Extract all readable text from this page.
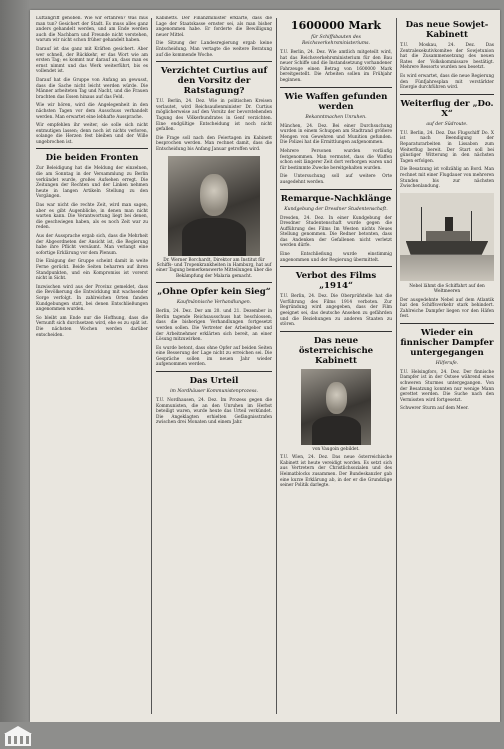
Luftangriff gehoben. Wie wir erfahren? Was mus man tun? Gesichert der Stadt. Es muss alles ganz anders gehandelt werden, und am Ende werden auch die Nachbarn und Freunde nicht verstehen, warum wir nicht schon früher gehandelt haben.

Darauf ist das ganz mit Kräften gesichert. Aber wer schnell, der Rückkehr, er das Wort wie am ersten Tag; es kommt nur darauf an, dass man es ernst nimmt und das Werk weiterführt, bis es vollendet ist.

Darauf hat die Gruppe von Anfang an gewusst, dass die Sache nicht leicht werden würde. Die Männer arbeiteten Tag und Nacht, und die Frauen brachten das Essen hinaus auf das Feld.

Wie wir hören, wird die Angelegenheit in den nächsten Tagen vor dem Ausschuss verhandelt werden. Man erwartet eine lebhafte Aussprache.

Wir empfehlen ihr weiter, sie solle sich nicht entmutigen lassen; denn noch ist nichts verloren, solange die Herzen fest bleiben und der Wille ungebrochen ist.

Die beiden Fronten

Zur Beleidigung hat die Meldung der einzelnen, die am Sonntag in der Versammlung zu Berlin verkündet wurde, großes Aufsehen erregt. Die Zeitungen der Rechten und der Linken nehmen heute in langen Artikeln Stellung zu den Vorgängen.

Das war nicht die rechte Zeit, wird man sagen, aber es gibt Augenblicke, in denen man nicht warten kann. Die Verantwortung liegt bei denen, die geschwiegen haben, als es noch Zeit war zu reden.

Aus der Aussprache ergab sich, dass die Mehrheit der Abgeordneten der Ansicht ist, die Regierung habe ihre Pflicht versäumt. Man verlangt eine sofortige Erklärung vor dem Plenum.

Die Einigung der Gruppe scheint damit in weite Ferne gerückt. Beide Seiten beharren auf ihren Standpunkten, und ein Kompromiss ist vorerst nicht in Sicht.

Inzwischen wird aus der Provinz gemeldet, dass die Bevölkerung die Entwicklung mit wachsender Sorge verfolgt. In zahlreichen Orten fanden Kundgebungen statt, bei denen Entschließungen angenommen wurden.

So bleibt am Ende nur die Hoffnung, dass die Vernunft sich durchsetzen wird, ehe es zu spät ist. Die nächsten Wochen werden darüber entscheiden.

Kabinetts. Der Finanzminister erklärte, dass die Lage der Staatskasse ernster sei, als man bisher angenommen habe. Er forderte die Bewilligung neuer Mittel.

Die Sitzung der Landesregierung ergab keine Entscheidung. Man vertagte die weitere Beratung auf die kommende Woche.

Verzichtet Curtius auf den Vorsitz der Ratstagung?

T.U. Berlin, 24. Dez. Wie in politischen Kreisen verlautet, wird Reichsaußenminister Dr. Curtius möglicherweise auf den Vorsitz der bevorstehenden Tagung des Völkerbundrates in Genf verzichten. Eine endgültige Entscheidung ist noch nicht gefallen.

Die Frage soll nach den Feiertagen im Kabinett besprochen werden. Man rechnet damit, dass die Entscheidung bis Anfang Januar getroffen wird.

Dr. Werner Borchardt, Direktor am Institut für Schiffs- und Tropenkrankheiten in Hamburg, hat auf einer Tagung bemerkenswerte Mitteilungen über die Bekämpfung der Malaria gemacht.

„Ohne Opfer kein Sieg“

Kaufmännische Verhandlungen.

Berlin, 24. Dez. Der am 20. und 21. Dezember in Berlin tagende Reichsausschuss hat beschlossen, dass die bisherigen Verhandlungen fortgesetzt werden sollen. Die Vertreter der Arbeitgeber und der Arbeitnehmer erklärten sich bereit, an einer Lösung mitzuwirken.

Es wurde betont, dass ohne Opfer auf beiden Seiten eine Besserung der Lage nicht zu erreichen sei. Die Gespräche sollen im neuen Jahr wieder aufgenommen werden.

Das Urteil

im Nordhäuser Kommunistenprozess.

T.U. Nordhausen, 24. Dez. Im Prozess gegen die Kommunisten, die an den Unruhen im Herbst beteiligt waren, wurde heute das Urteil verkündet. Die Angeklagten erhielten Gefängnisstrafen zwischen drei Monaten und einem Jahr.

1600000 Mark

für Schiffsbauten des Reichsverkehrsministeriums.

T.U. Berlin, 24. Dez. Wie amtlich mitgeteilt wird, hat das Reichsverkehrsministerium für den Bau neuer Schiffe und die Instandsetzung vorhandener Fahrzeuge einen Betrag von 1600000 Mark bereitgestellt. Die Arbeiten sollen im Frühjahr beginnen.

Wie Waffen gefunden werden

Bekanntmachen Unruhen.

München, 24. Dez. Bei einer Durchsuchung wurden in einem Schuppen am Stadtrand größere Mengen von Gewehren und Munition gefunden. Die Polizei hat die Ermittlungen aufgenommen.

Mehrere Personen wurden vorläufig festgenommen. Man vermutet, dass die Waffen schon seit längerer Zeit dort verborgen waren und für bestimmte Zwecke bereitgehalten wurden.

Die Untersuchung soll auf weitere Orte ausgedehnt werden.

Remarque-Nachklänge

Kundgebung der Dresdner Studentenschaft.

Dresden, 24. Dez. In einer Kundgebung der Dresdner Studentenschaft wurde gegen die Aufführung des Films Im Westen nichts Neues Stellung genommen. Die Redner betonten, dass das Andenken der Gefallenen nicht verletzt werden dürfe.

Eine Entschließung wurde einstimmig angenommen und der Regierung übermittelt.

Verbot des Films „1914“

T.U. Berlin, 24. Dez. Die Oberprüfstelle hat die Vorführung des Films 1914 verboten. Zur Begründung wird angegeben, dass der Film geeignet sei, das deutsche Ansehen zu gefährden und die Beziehungen zu anderen Staaten zu stören.

Das neue österreichische Kabinett

von Vaugoin gebildet.

T.U. Wien, 24. Dez. Das neue österreichische Kabinett ist heute vereidigt worden. Es setzt sich aus Vertretern der Christlichsozialen und des Heimatblocks zusammen. Der Bundeskanzler gab eine kurze Erklärung ab, in der er die Grundzüge seiner Politik darlegte.

Das neue Sowjet-Kabinett

T.U. Moskau, 24. Dez. Das Zentralexekutivkomitee der Sowjetunion hat die Zusammensetzung des neuen Rates der Volkskommissare bestätigt. Mehrere Ressorts wurden neu besetzt.

Es wird erwartet, dass die neue Regierung den Fünfjahresplan mit verstärkter Energie durchführen wird.

Weiterflug der „Do. X“

auf der Südroute.

T.U. Berlin, 24. Dez. Das Flugschiff Do. X ist nach Beendigung der Reparaturarbeiten in Lissabon zum Weiterflug bereit. Der Start soll bei günstiger Witterung in den nächsten Tagen erfolgen.

Die Besatzung ist vollzählig an Bord. Man rechnet mit einer Flugdauer von mehreren Stunden bis zur nächsten Zwischenlandung.

Nebel lähmt die Schiffahrt auf den Weltmeeren

Der ausgedehnte Nebel auf dem Atlantik hat den Schiffsverkehr stark behindert. Zahlreiche Dampfer liegen vor den Häfen fest.

Wieder ein finnischer Dampfer untergegangen

Hilferufe.

T.U. Helsingfors, 24. Dez. Der finnische Dampfer ist in der Ostsee während eines schweren Sturmes untergegangen. Von der Besatzung konnten nur wenige Mann gerettet werden. Die Suche nach den Vermissten wird fortgesetzt.

Schwerer Sturm auf dem Meer.
